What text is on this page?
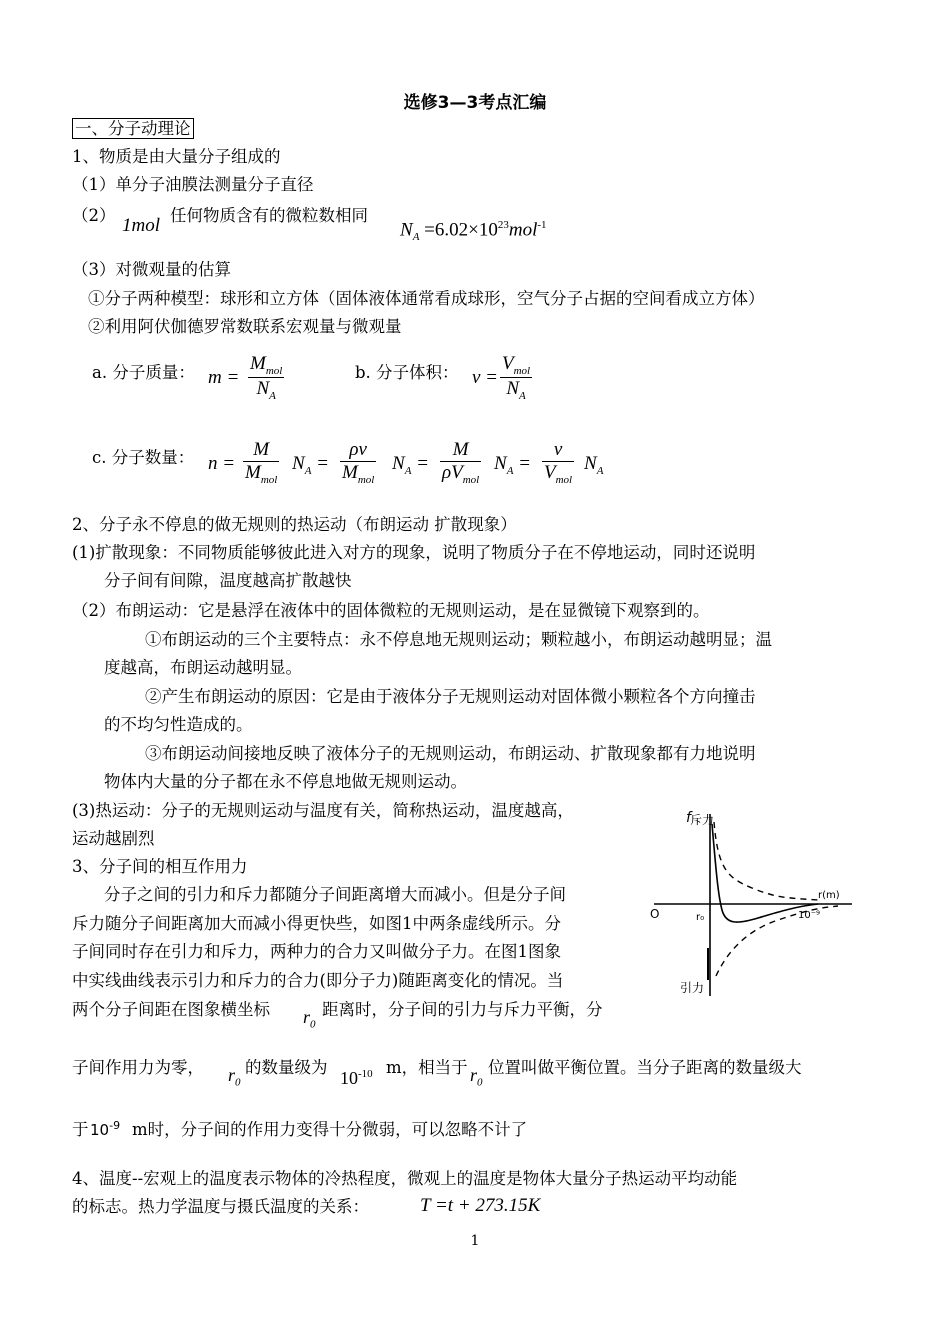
选修3—3考点汇编
一、分子动理论
1、物质是由大量分子组成的
（1）单分子油膜法测量分子直径
（2） 1mol 任何物质含有的微粒数相同
$N_A =6.02\times 10^{23}mol^{-1}$
（3）对微观量的估算
①分子两种模型：球形和立方体（固体液体通常看成球形，空气分子占据的空间看成立方体）
②利用阿伏伽德罗常数联系宏观量与微观量
a. 分子质量： m =
$M_{mol}$
$N_A$
b. 分子体积： v =
$V_{mol}$
$N_A$
c. 分子数量： n =
M
$M_{mol}$
$N_A$ =
ρv
$M_{mol}$
$N_A$ =
M
$\rho V_{mol}$
$N_A$ =
v
$V_{mol}$
$N_A$
2、分子永不停息的做无规则的热运动（布朗运动 扩散现象）
(1)扩散现象：不同物质能够彼此进入对方的现象，说明了物质分子在不停地运动，同时还说明
分子间有间隙，温度越高扩散越快
（2）布朗运动：它是悬浮在液体中的固体微粒的无规则运动，是在显微镜下观察到的。
①布朗运动的三个主要特点：永不停息地无规则运动；颗粒越小，布朗运动越明显；温
度越高，布朗运动越明显。
②产生布朗运动的原因：它是由于液体分子无规则运动对固体微小颗粒各个方向撞击
的不均匀性造成的。
③布朗运动间接地反映了液体分子的无规则运动，布朗运动、扩散现象都有力地说明
物体内大量的分子都在永不停息地做无规则运动。
(3)热运动：分子的无规则运动与温度有关，简称热运动，温度越高，
运动越剧烈
3、分子间的相互作用力
分子之间的引力和斥力都随分子间距离增大而减小。但是分子间
斥力随分子间距离加大而减小得更快些，如图1中两条虚线所示。分
子间同时存在引力和斥力，两种力的合力又叫做分子力。在图1图象
中实线曲线表示引力和斥力的合力(即分子力)随距离变化的情况。当
两个分子间距在图象横坐标 $r_0$
距离时，分子间的引力与斥力平衡，分
子间作用力为零， $r_0$
的数量级为
$10^{-10}$ m，相当于 $r_0$
位置叫做平衡位置。当分子距离的数量级大
于 $10^{-9}$ m时，分子间的作用力变得十分微弱，可以忽略不计了
4、温度--宏观上的温度表示物体的冷热程度，微观上的温度是物体大量分子热运动平均动能
的标志。热力学温度与摄氏温度的关系：	T =t + 273.15K
f 斥力
r(m)
O	r₀	10⁻⁹
引力
1
